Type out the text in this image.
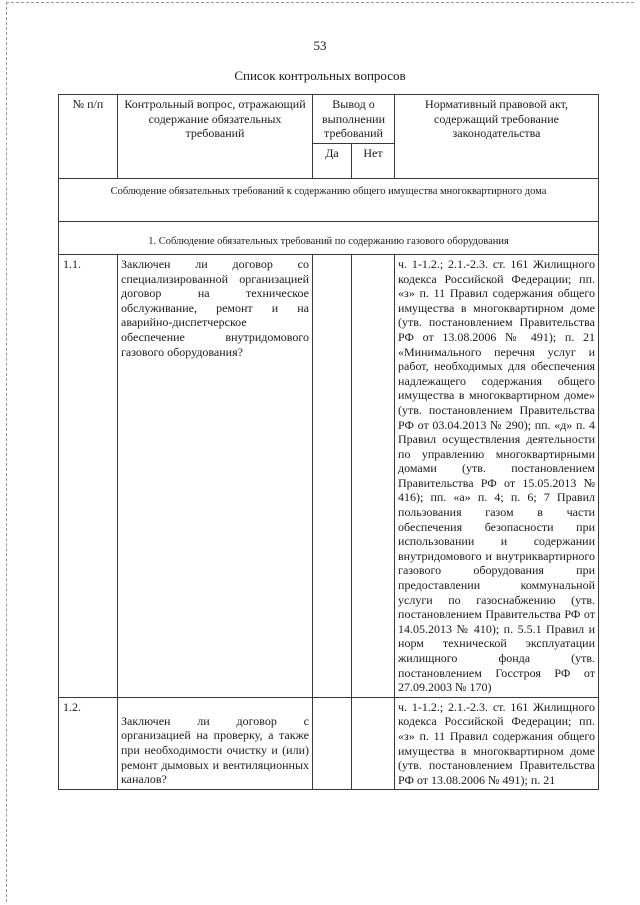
53
Список контрольных вопросов
№ п/п	Контрольный вопрос, отражающий содержание обязательных требований	Вывод о выполнении требований		Нормативный правовой акт, содержащий требование законодательства
		Да	Нет	
Соблюдение обязательных требований к содержанию общего имущества многоквартирного дома				
1. Соблюдение обязательных требований по содержанию газового оборудования				
1.1.	Заключен ли договор со специализированной организацией договор на техническое обслуживание, ремонт и на аварийно-диспетчерское обеспечение внутридомового газового оборудования?			ч. 1-1.2.; 2.1.-2.3. ст. 161 Жилищного кодекса Российской Федерации; пп. «з» п. 11 Правил содержания общего имущества в многоквартирном доме (утв. постановлением Правительства РФ от 13.08.2006 № 491); п. 21 «Минимального перечня услуг и работ, необходимых для обеспечения надлежащего содержания общего имущества в многоквартирном доме» (утв. постановлением Правительства РФ от 03.04.2013 № 290); пп. «д» п. 4 Правил осуществления деятельности по управлению многоквартирными домами (утв. постановлением Правительства РФ от 15.05.2013 № 416); пп. «а» п. 4; п. 6; 7 Правил пользования газом в части обеспечения безопасности при использовании и содержании внутридомового и внутриквартирного газового оборудования при предоставлении коммунальной услуги по газоснабжению (утв. постановлением Правительства РФ от 14.05.2013 № 410); п. 5.5.1 Правил и норм технической эксплуатации жилищного фонда (утв. постановлением Госстроя РФ от 27.09.2003 № 170)
1.2.	Заключен ли договор с организацией на проверку, а также при необходимости очистку и (или) ремонт дымовых и вентиляционных каналов?			ч. 1-1.2.; 2.1.-2.3. ст. 161 Жилищного кодекса Российской Федерации; пп. «з» п. 11 Правил содержания общего имущества в многоквартирном доме (утв. постановлением Правительства РФ от 13.08.2006 № 491); п. 21
